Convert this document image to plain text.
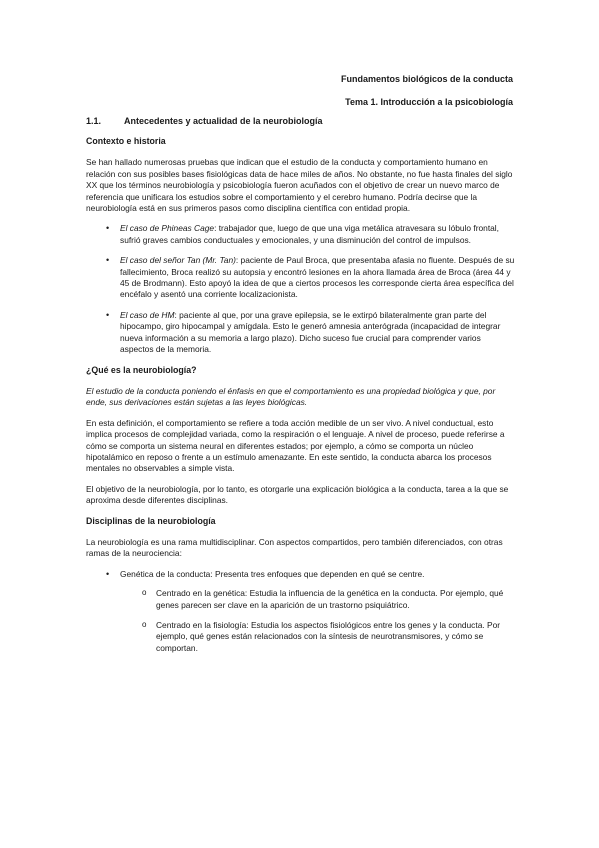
Fundamentos biológicos de la conducta
Tema 1. Introducción a la psicobiología
1.1.	Antecedentes y actualidad de la neurobiología
Contexto e historia

Se han hallado numerosas pruebas que indican que el estudio de la conducta y comportamiento humano en relación con sus posibles bases fisiológicas data de hace miles de años. No obstante, no fue hasta finales del siglo XX que los términos neurobiología y psicobiología fueron acuñados con el objetivo de crear un nuevo marco de referencia que unificara los estudios sobre el comportamiento y el cerebro humano. Podría decirse que la neurobiología está en sus primeros pasos como disciplina científica con entidad propia.

• El caso de Phineas Cage: trabajador que, luego de que una viga metálica atravesara su lóbulo frontal, sufrió graves cambios conductuales y emocionales, y una disminución del control de impulsos.
• El caso del señor Tan (Mr. Tan): paciente de Paul Broca, que presentaba afasia no fluente. Después de su fallecimiento, Broca realizó su autopsia y encontró lesiones en la ahora llamada área de Broca (área 44 y 45 de Brodmann). Esto apoyó la idea de que a ciertos procesos les corresponde cierta área específica del encéfalo y asentó una corriente localizacionista.
• El caso de HM: paciente al que, por una grave epilepsia, se le extirpó bilateralmente gran parte del hipocampo, giro hipocampal y amígdala. Esto le generó amnesia anterógrada (incapacidad de integrar nueva información a su memoria a largo plazo). Dicho suceso fue crucial para comprender varios aspectos de la memoria.
¿Qué es la neurobiología?

El estudio de la conducta poniendo el énfasis en que el comportamiento es una propiedad biológica y que, por ende, sus derivaciones están sujetas a las leyes biológicas.

En esta definición, el comportamiento se refiere a toda acción medible de un ser vivo. A nivel conductual, esto implica procesos de complejidad variada, como la respiración o el lenguaje. A nivel de proceso, puede referirse a cómo se comporta un sistema neural en diferentes estados; por ejemplo, a cómo se comporta un núcleo hipotalámico en reposo o frente a un estímulo amenazante. En este sentido, la conducta abarca los procesos mentales no observables a simple vista.

El objetivo de la neurobiología, por lo tanto, es otorgarle una explicación biológica a la conducta, tarea a la que se aproxima desde diferentes disciplinas.

Disciplinas de la neurobiología

La neurobiología es una rama multidisciplinar. Con aspectos compartidos, pero también diferenciados, con otras ramas de la neurociencia:

• Genética de la conducta: Presenta tres enfoques que dependen en qué se centre.
o Centrado en la genética: Estudia la influencia de la genética en la conducta. Por ejemplo, qué genes parecen ser clave en la aparición de un trastorno psiquiátrico.
o Centrado en la fisiología: Estudia los aspectos fisiológicos entre los genes y la conducta. Por ejemplo, qué genes están relacionados con la síntesis de neurotransmisores, y cómo se comportan.
